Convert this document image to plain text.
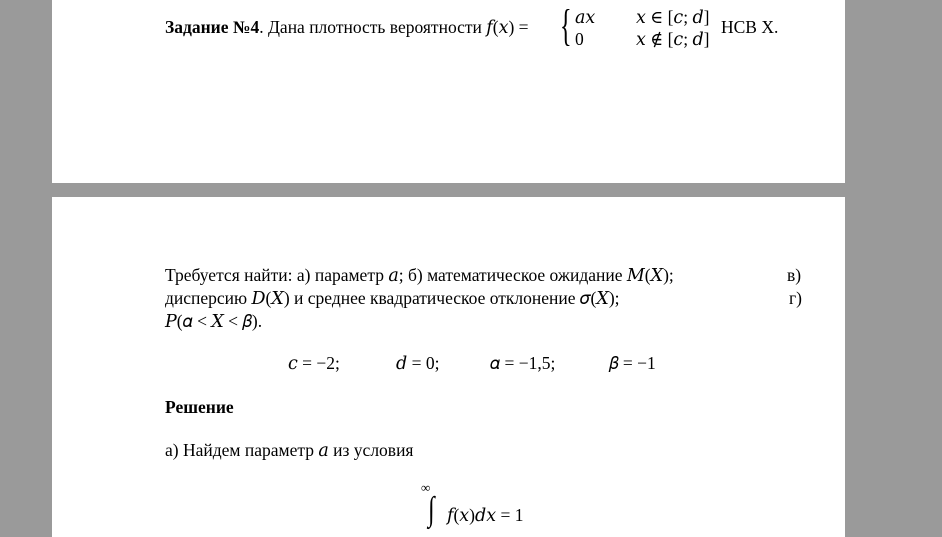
Задание №4. Дана плотность вероятности 𝑓(𝑥) = { 𝑎𝑥 𝑥 ∈ [𝑐; 𝑑]
0	𝑥 ∉ [𝑐; 𝑑]
НСВ X.
Требуется найти: а) параметр 𝑎; б) математическое ожидание 𝑀(𝑋);	в)
дисперсию 𝐷(𝑋) и среднее квадратическое отклонение 𝜎(𝑋);	г)
𝑃(𝛼 < 𝑋 < 𝛽).
𝑐 = −2;	𝑑 = 0;	𝛼 = −1,5;	𝛽 = −1
Решение
а) Найдем параметр 𝑎 из условия
∞
∫ 𝑓(𝑥)𝑑𝑥 = 1
